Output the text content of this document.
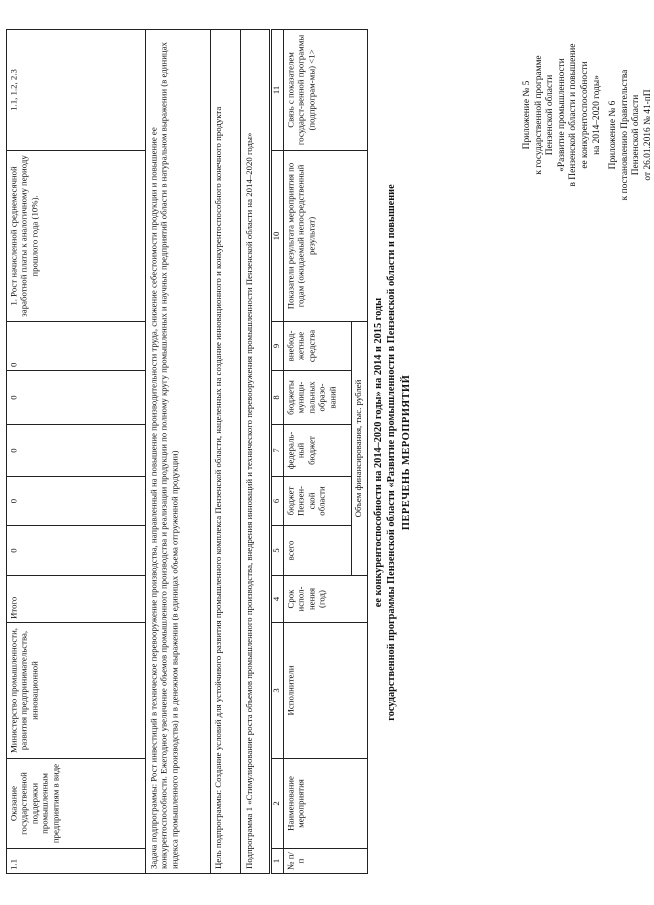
Приложение № 6 к постановлению Правительства Пензенской области от 26.01.2016 № 41-пП
Приложение № 5 к государственной программе Пензенской области «Развитие промышленности в Пензенской области и повышение ее конкурентоспособности на 2014–2020 годы»
ПЕРЕЧЕНЬ МЕРОПРИЯТИЙ
государственной программы Пензенской области «Развитие промышленности в Пензенской области и повышение
ее конкурентоспособности на 2014–2020 годы» на 2014 и 2015 годы
№ п/п	Наименование мероприятия	Исполнители	Срок испол-нения (год)	Объем финансирования, тыс. рублей					Показатели результата мероприятия по годам (ожидаемый непосредственный результат)	Связь с показателем государст-венной программы (подпрограм-мы) <1>
				всего	бюджет Пензен-ской области	федераль-ный бюджет	бюджеты муници-пальных образо-ваний	внебюд-жетные средства		
1	2	3	4	5	6	7	8	9	10	11
Подпрограмма 1 «Стимулирование роста объемов промышленного производства, внедрения инноваций и технического перевооружения промышленности Пензенской области на 2014–2020 годы»										
Цель подпрограммы: Создание условий для устойчивого развития промышленного комплекса Пензенской области, нацеленных на создание инновационного и конкурентоспособного конечного продукта										
Задача подпрограммы: Рост инвестиций в техническое перевооружение производства, направленный на повышение производительности труда, снижение себестоимости продукции и повышение ее конкурентоспособности. Ежегодное увеличение объемов промышленного производства и реализации продукции по полному кругу промышленных и научных предприятий области в натуральном выражении (в единицах индекса промышленного производства) и в денежном выражении (в единицах объема отгруженной продукции)										
1.1	Оказание государственной поддержки промышленным предприятиям в виде	Министерство промышленности, развития предпринимательства, инновационной	Итого	0	0	0	0	0	1. Рост начисленной среднемесячной заработной платы к аналогичному периоду прошлого года (10%).	1.1, 1.2, 2.3
